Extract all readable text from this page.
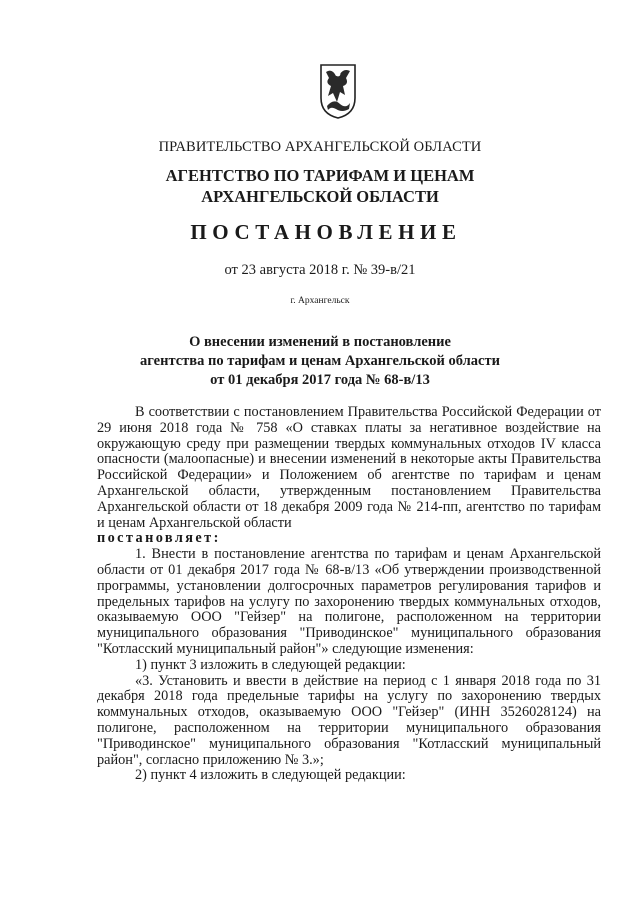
ПРАВИТЕЛЬСТВО АРХАНГЕЛЬСКОЙ ОБЛАСТИ
АГЕНТСТВО ПО ТАРИФАМ И ЦЕНАМ
АРХАНГЕЛЬСКОЙ ОБЛАСТИ
ПОСТАНОВЛЕНИЕ
от 23 августа 2018 г. № 39-в/21
г. Архангельск
О внесении изменений в постановление
агентства по тарифам и ценам Архангельской области
от 01 декабря 2017 года № 68-в/13

В соответствии с постановлением Правительства Российской Федерации от 29 июня 2018 года № 758 «О ставках платы за негативное воздействие на окружающую среду при размещении твердых коммунальных отходов IV класса опасности (малоопасные) и внесении изменений в некоторые акты Правительства Российской Федерации» и Положением об агентстве по тарифам и ценам Архангельской области, утвержденным постановлением Правительства Архангельской области от 18 декабря 2009 года № 214-пп, агентство по тарифам и ценам Архангельской области

постановляет:

1. Внести в постановление агентства по тарифам и ценам Архангельской области от 01 декабря 2017 года № 68-в/13 «Об утверждении производственной программы, установлении долгосрочных параметров регулирования тарифов и предельных тарифов на услугу по захоронению твердых коммунальных отходов, оказываемую ООО "Гейзер" на полигоне, расположенном на территории муниципального образования "Приводинское" муниципального образования "Котласский муниципальный район"» следующие изменения:

1) пункт 3 изложить в следующей редакции:

«3. Установить и ввести в действие на период с 1 января 2018 года по 31 декабря 2018 года предельные тарифы на услугу по захоронению твердых коммунальных отходов, оказываемую ООО "Гейзер" (ИНН 3526028124) на полигоне, расположенном на территории муниципального образования "Приводинское" муниципального образования "Котласский муниципальный район", согласно приложению № 3.»;

2) пункт 4 изложить в следующей редакции:
